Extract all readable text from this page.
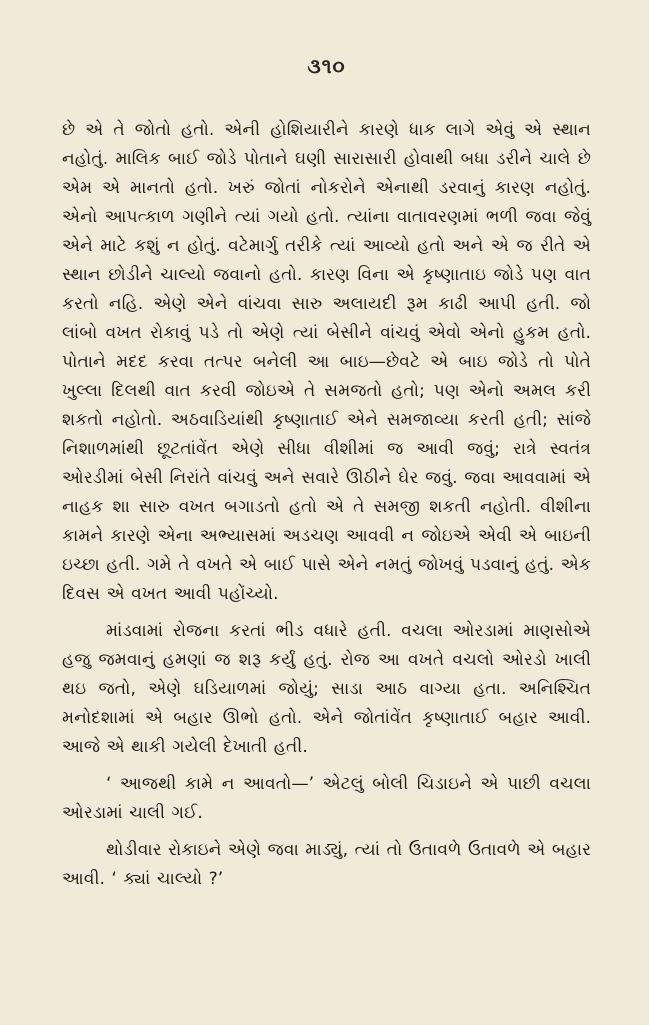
૩૧૦

છે એ તે જોતો હતો. એની હોશિયારીને કારણે ધાક લાગે એવું એ સ્થાન નહોતું. માલિક બાઈ જોડે પોતાને ઘણી સારાસારી હોવાથી બધા ડરીને ચાલે છે એમ એ માનતો હતો. ખરું જોતાં નોકરોને એનાથી ડરવાનું કારણ નહોતું. એનો આપત્કાળ ગણીને ત્યાં ગયો હતો. ત્યાંના વાતાવરણમાં ભળી જવા જેવું એને માટે કશું ન હોતું. વટેમાર્ગુ તરીકે ત્યાં આવ્યો હતો અને એ જ રીતે એ સ્થાન છોડીને ચાલ્યો જવાનો હતો. કારણ વિના એ કૃષ્ણાતાઇ જોડે પણ વાત કરતો નહિ. એણે એને વાંચવા સારુ અલાયદી રૂમ કાઢી આપી હતી. જો લાંબો વખત રોકાવું પડે તો એણે ત્યાં બેસીને વાંચવું એવો એનો હુકમ હતો. પોતાને મદદ કરવા તત્પર બનેલી આ બાઇ—છેવટે એ બાઇ જોડે તો પોતે ખુલ્લા દિલથી વાત કરવી જોઇએ તે સમજતો હતો; પણ એનો અમલ કરી શકતો નહોતો. અઠવાડિયાંથી કૃષ્ણાતાઈ એને સમજાવ્યા કરતી હતી; સાંજે નિશાળમાંથી છૂટતાંવેંત એણે સીધા વીશીમાં જ આવી જવું; રાત્રે સ્વતંત્ર ઓરડીમાં બેસી નિરાંતે વાંચવું અને સવારે ઊઠીને ઘેર જવું. જવા આવવામાં એ નાહક શા સારુ વખત બગાડતો હતો એ તે સમજી શકતી નહોતી. વીશીના કામને કારણે એના અભ્યાસમાં અડચણ આવવી ન જોઇએ એવી એ બાઇની ઇચ્છા હતી. ગમે તે વખતે એ બાઈ પાસે એને નમતું જોખવું પડવાનું હતું. એક દિવસ એ વખત આવી પહોંચ્યો.

માંડવામાં રોજના કરતાં ભીડ વધારે હતી. વચલા ઓરડામાં માણસોએ હજુ જમવાનું હમણાં જ શરૂ કર્યું હતું. રોજ આ વખતે વચલો ઓરડો ખાલી થઇ જતો, એણે ઘડિયાળમાં જોયું; સાડા આઠ વાગ્યા હતા. અનિશ્ચિત મનોદશામાં એ બહાર ઊભો હતો. એને જોતાંવેંત કૃષ્ણાતાઈ બહાર આવી. આજે એ થાકી ગયેલી દેખાતી હતી.

‘ આજથી કામે ન આવતો—’ એટલું બોલી ચિડાઇને એ પાછી વચલા ઓરડામાં ચાલી ગઈ.

થોડીવાર રોકાઇને એણે જવા માડ્યું, ત્યાં તો ઉતાવળે ઉતાવળે એ બહાર આવી. ‘ ક્યાં ચાલ્યો ?’
